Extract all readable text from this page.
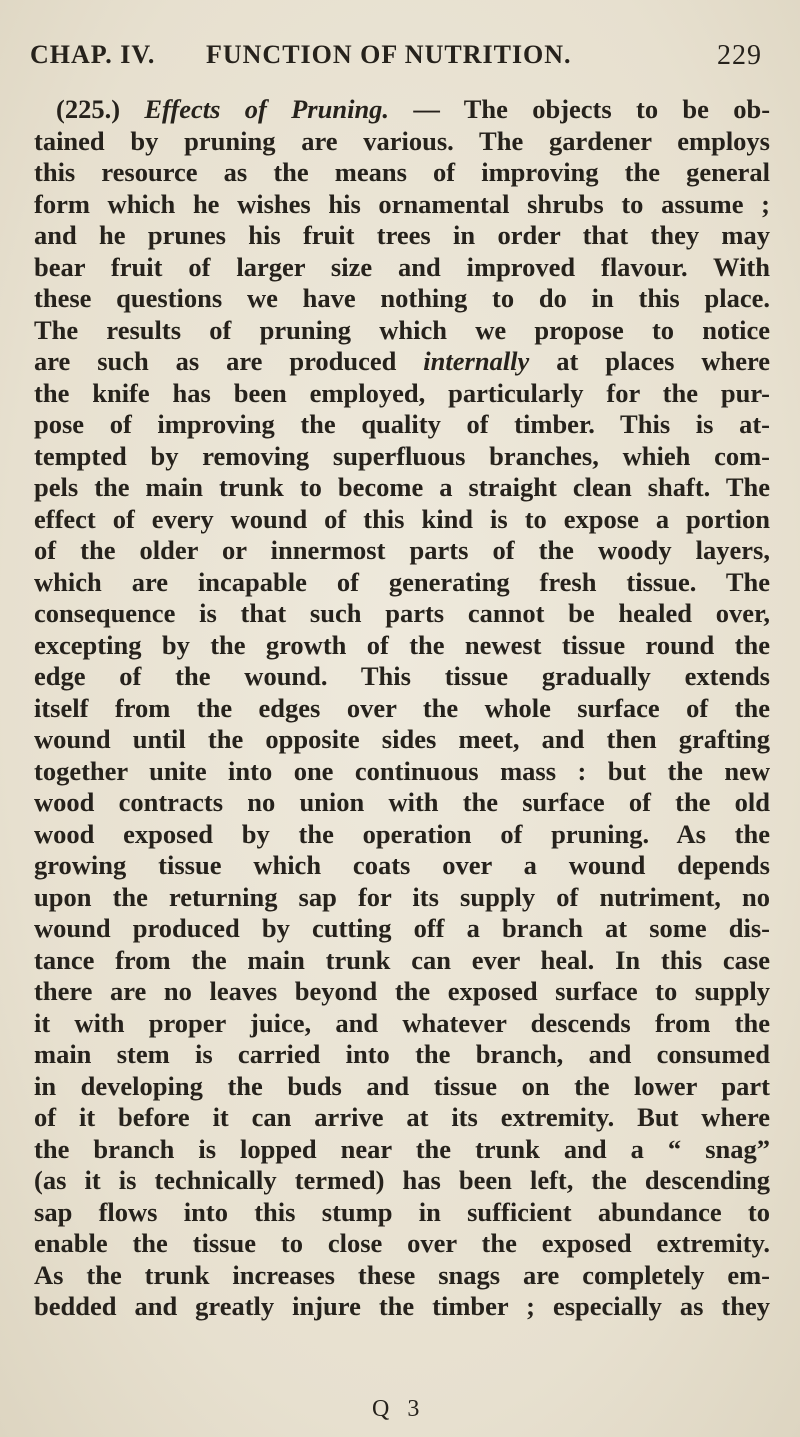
CHAP. IV. FUNCTION OF NUTRITION.	229
(225.) Effects of Pruning. — The objects to be ob-
tained by pruning are various. The gardener employs
this resource as the means of improving the general
form which he wishes his ornamental shrubs to assume ;
and he prunes his fruit trees in order that they may
bear fruit of larger size and improved flavour. With
these questions we have nothing to do in this place.
The results of pruning which we propose to notice
are such as are produced internally at places where
the knife has been employed, particularly for the pur-
pose of improving the quality of timber. This is at-
tempted by removing superfluous branches, whieh com-
pels the main trunk to become a straight clean shaft. The
effect of every wound of this kind is to expose a portion
of the older or innermost parts of the woody layers,
which are incapable of generating fresh tissue. The
consequence is that such parts cannot be healed over,
excepting by the growth of the newest tissue round the
edge of the wound. This tissue gradually extends
itself from the edges over the whole surface of the
wound until the opposite sides meet, and then grafting
together unite into one continuous mass : but the new
wood contracts no union with the surface of the old
wood exposed by the operation of pruning. As the
growing tissue which coats over a wound depends
upon the returning sap for its supply of nutriment, no
wound produced by cutting off a branch at some dis-
tance from the main trunk can ever heal. In this case
there are no leaves beyond the exposed surface to supply
it with proper juice, and whatever descends from the
main stem is carried into the branch, and consumed
in developing the buds and tissue on the lower part
of it before it can arrive at its extremity. But where
the branch is lopped near the trunk and a “ snag”
(as it is technically termed) has been left, the descending
sap flows into this stump in sufficient abundance to
enable the tissue to close over the exposed extremity.
As the trunk increases these snags are completely em-
bedded and greatly injure the timber ; especially as they
Q 3
